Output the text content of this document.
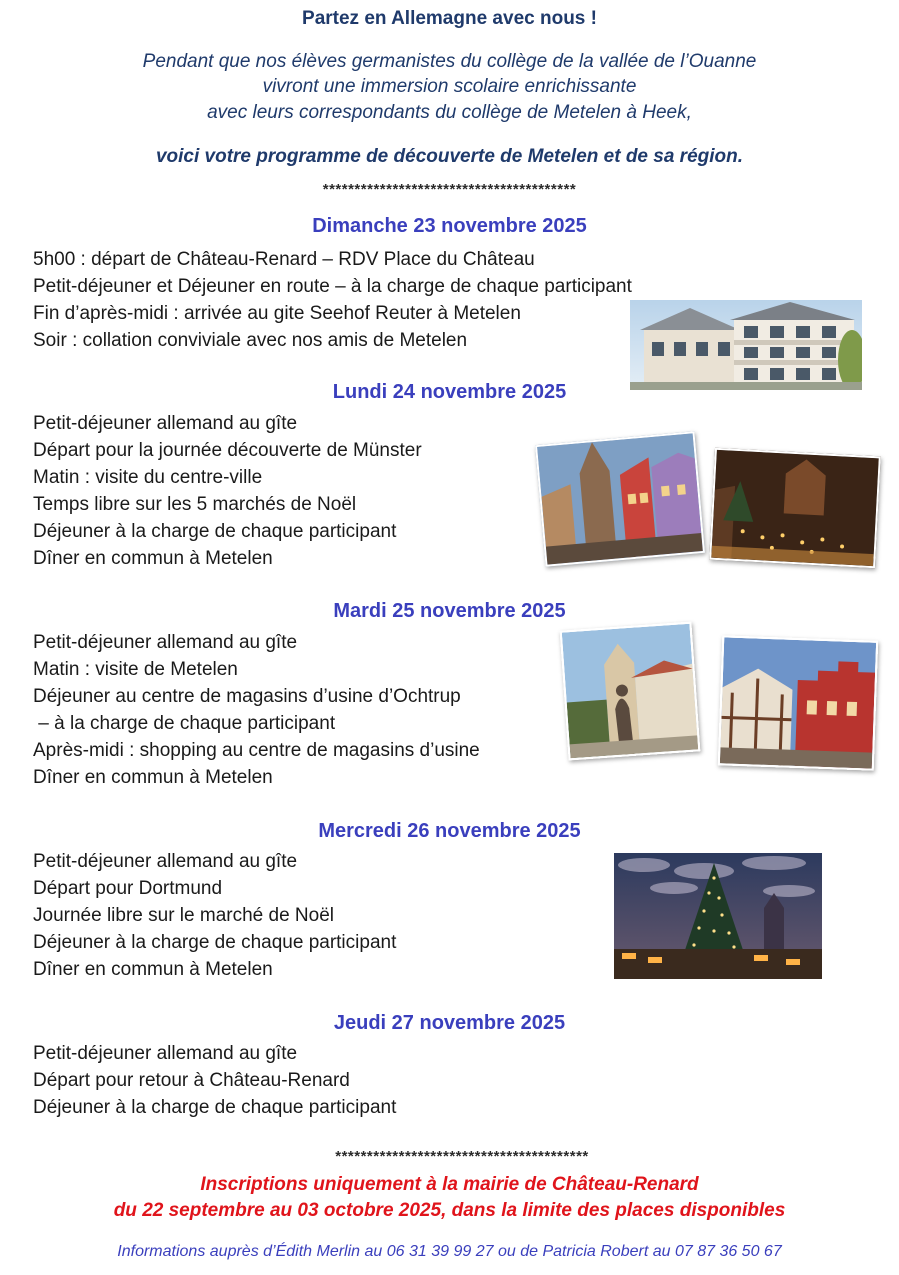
Partez en Allemagne avec nous !
Pendant que nos élèves germanistes du collège de la vallée de l’Ouanne
vivront une immersion scolaire enrichissante
avec leurs correspondants du collège de Metelen à Heek,
voici votre programme de découverte de Metelen et de sa région.
****************************************
Dimanche 23 novembre 2025
5h00 : départ de Château-Renard – RDV Place du Château
Petit-déjeuner et Déjeuner en route – à la charge de chaque participant
Fin d’après-midi : arrivée au gite Seehof Reuter à Metelen
Soir : collation conviviale avec nos amis de Metelen
Lundi 24 novembre 2025
Petit-déjeuner allemand au gîte
Départ pour la journée découverte de Münster
Matin : visite du centre-ville
Temps libre sur les 5 marchés de Noël
Déjeuner à la charge de chaque participant
Dîner en commun à Metelen
Mardi 25 novembre 2025
Petit-déjeuner allemand au gîte
Matin : visite de Metelen
Déjeuner au centre de magasins d’usine d’Ochtrup
– à la charge de chaque participant
Après-midi : shopping au centre de magasins d’usine
Dîner en commun à Metelen
Mercredi 26 novembre 2025
Petit-déjeuner allemand au gîte
Départ pour Dortmund
Journée libre sur le marché de Noël
Déjeuner à la charge de chaque participant
Dîner en commun à Metelen
Jeudi 27 novembre 2025
Petit-déjeuner allemand au gîte
Départ pour retour à Château-Renard
Déjeuner à la charge de chaque participant
****************************************
Inscriptions uniquement à la mairie de Château-Renard
du 22 septembre au 03 octobre 2025, dans la limite des places disponibles
Informations auprès d’Édith Merlin au 06 31 39 99 27 ou de Patricia Robert au 07 87 36 50 67
